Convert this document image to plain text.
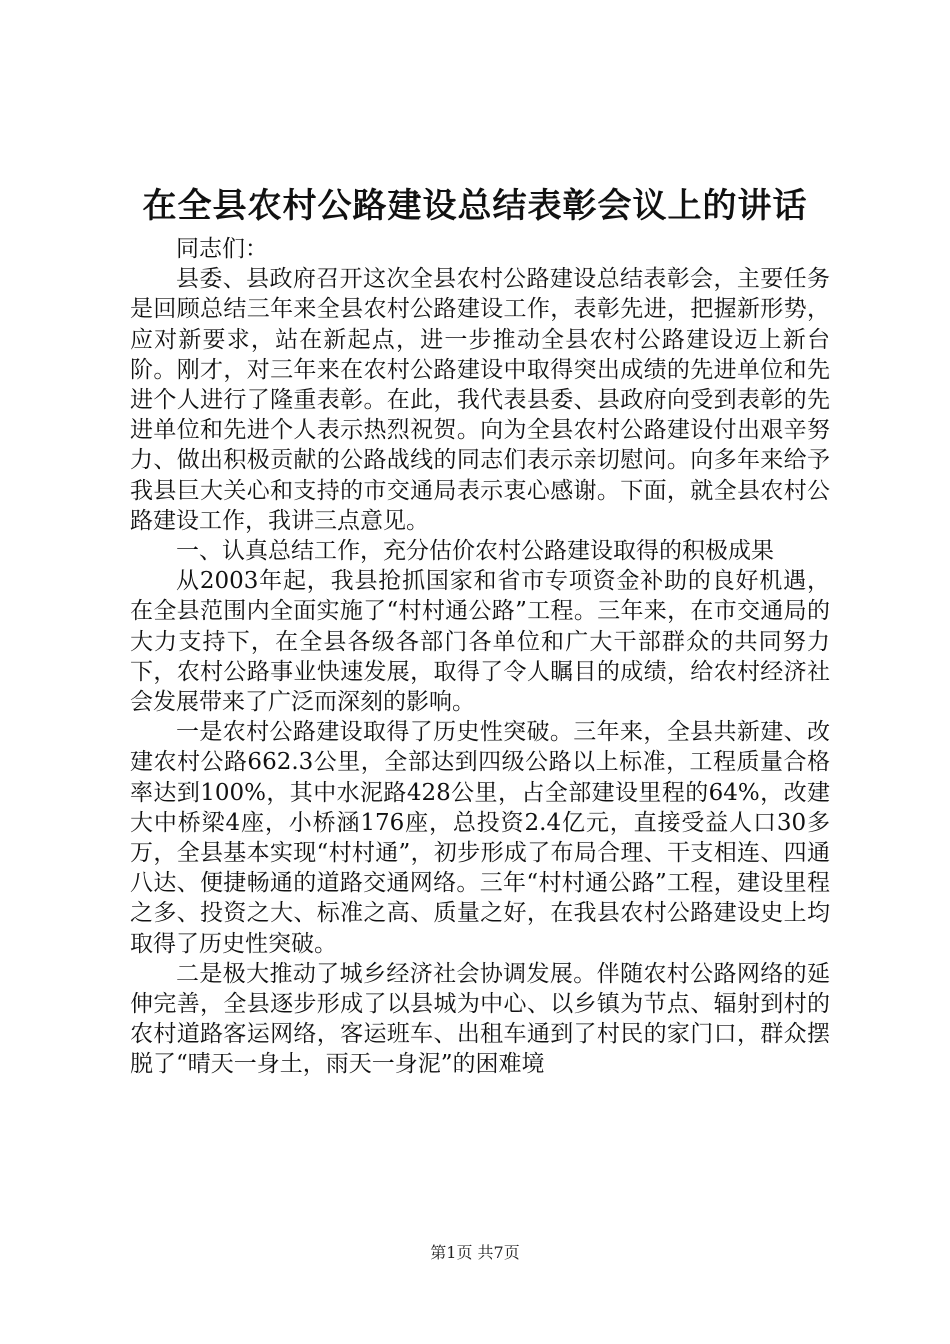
在全县农村公路建设总结表彰会议上的讲话

同志们：

县委、县政府召开这次全县农村公路建设总结表彰会，主要任务是回顾总结三年来全县农村公路建设工作，表彰先进，把握新形势，应对新要求，站在新起点，进一步推动全县农村公路建设迈上新台阶。刚才，对三年来在农村公路建设中取得突出成绩的先进单位和先进个人进行了隆重表彰。在此，我代表县委、县政府向受到表彰的先进单位和先进个人表示热烈祝贺。向为全县农村公路建设付出艰辛努力、做出积极贡献的公路战线的同志们表示亲切慰问。向多年来给予我县巨大关心和支持的市交通局表示衷心感谢。下面，就全县农村公路建设工作，我讲三点意见。

一、认真总结工作，充分估价农村公路建设取得的积极成果

从2003年起，我县抢抓国家和省市专项资金补助的良好机遇，在全县范围内全面实施了“村村通公路”工程。三年来，在市交通局的大力支持下，在全县各级各部门各单位和广大干部群众的共同努力下，农村公路事业快速发展，取得了令人瞩目的成绩，给农村经济社会发展带来了广泛而深刻的影响。

一是农村公路建设取得了历史性突破。三年来，全县共新建、改建农村公路662.3公里，全部达到四级公路以上标准，工程质量合格率达到100%，其中水泥路428公里，占全部建设里程的64%，改建大中桥梁4座，小桥涵176座，总投资2.4亿元，直接受益人口30多万，全县基本实现“村村通”，初步形成了布局合理、干支相连、四通八达、便捷畅通的道路交通网络。三年“村村通公路”工程，建设里程之多、投资之大、标准之高、质量之好，在我县农村公路建设史上均取得了历史性突破。

二是极大推动了城乡经济社会协调发展。伴随农村公路网络的延伸完善，全县逐步形成了以县城为中心、以乡镇为节点、辐射到村的农村道路客运网络，客运班车、出租车通到了村民的家门口，群众摆脱了“晴天一身土，雨天一身泥”的困难境

第1页 共7页
